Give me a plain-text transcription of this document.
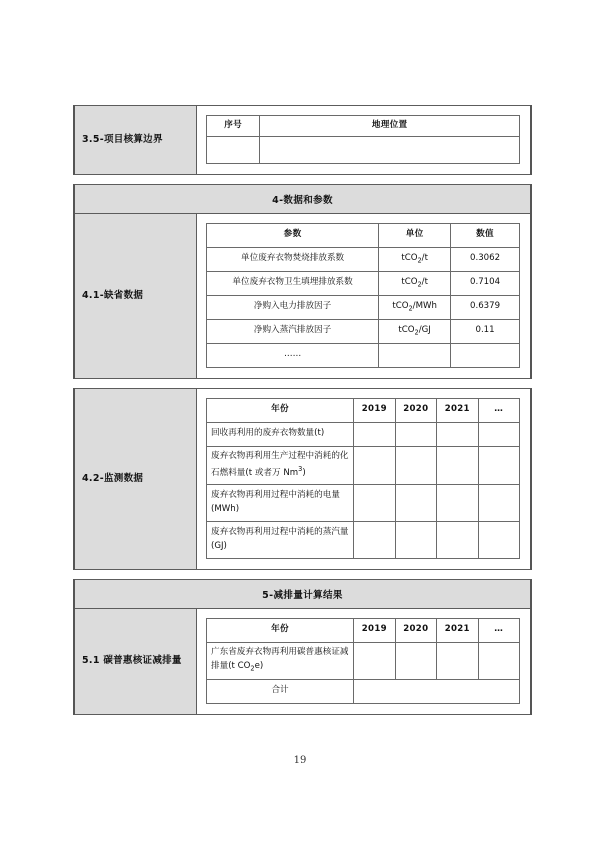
3.5-项目核算边界	
序号	地理位置

4-数据和参数
4.1-缺省数据	
参数	单位	数值
单位废弃衣物焚烧排放系数	tCO$_2$/t	0.3062
单位废弃衣物卫生填埋排放系数	tCO$_2$/t	0.7104
净购入电力排放因子	tCO$_2$/MWh	0.6379
净购入蒸汽排放因子	tCO$_2$/GJ	0.11
……		

4.2-监测数据	
年份	2019	2020	2021	…
回收再利用的废弃衣物数量(t)				
废弃衣物再利用生产过程中消耗的化石燃料量(t 或者万 Nm$^3$)				
废弃衣物再利用过程中消耗的电量(MWh)				
废弃衣物再利用过程中消耗的蒸汽量(GJ)				

5-减排量计算结果
5.1 碳普惠核证减排量	
年份	2019	2020	2021	…
广东省废弃衣物再利用碳普惠核证减排量(t $CO_2e$)				
合计	
19
